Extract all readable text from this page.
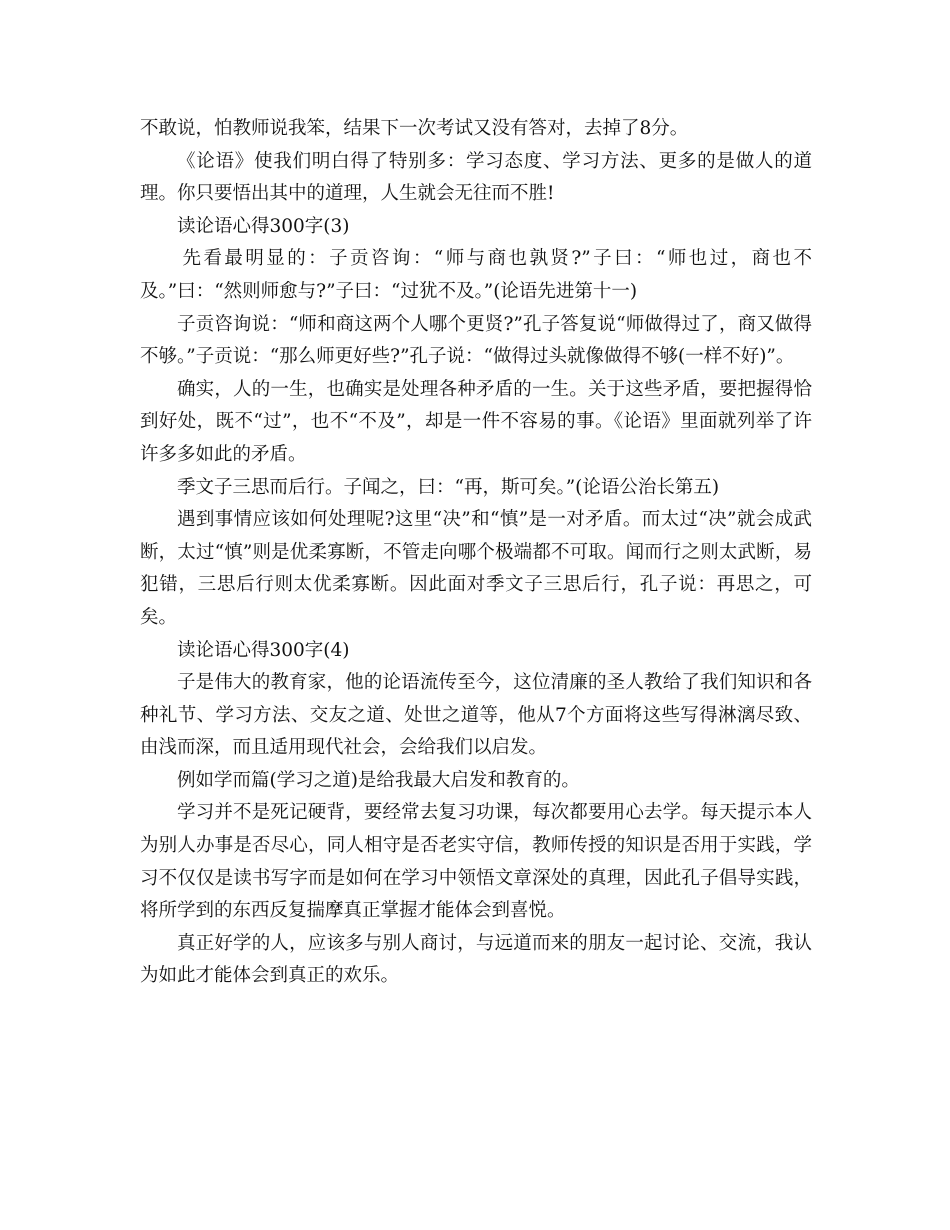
不敢说，怕教师说我笨，结果下一次考试又没有答对，去掉了8分。

《论语》使我们明白得了特别多：学习态度、学习方法、更多的是做人的道理。你只要悟出其中的道理，人生就会无往而不胜!

读论语心得300字(3)

先看最明显的：子贡咨询：“师与商也孰贤?”子曰：“师也过，商也不及。”曰：“然则师愈与?”子曰：“过犹不及。”(论语先进第十一)

子贡咨询说：“师和商这两个人哪个更贤?”孔子答复说“师做得过了，商又做得不够。”子贡说：“那么师更好些?”孔子说：“做得过头就像做得不够(一样不好)”。

确实，人的一生，也确实是处理各种矛盾的一生。关于这些矛盾，要把握得恰到好处，既不“过”，也不“不及”，却是一件不容易的事。《论语》里面就列举了许许多多如此的矛盾。

季文子三思而后行。子闻之，曰：“再，斯可矣。”(论语公治长第五)

遇到事情应该如何处理呢?这里“决”和“慎”是一对矛盾。而太过“决”就会成武断，太过“慎”则是优柔寡断，不管走向哪个极端都不可取。闻而行之则太武断，易犯错，三思后行则太优柔寡断。因此面对季文子三思后行，孔子说：再思之，可矣。

读论语心得300字(4)

子是伟大的教育家，他的论语流传至今，这位清廉的圣人教给了我们知识和各种礼节、学习方法、交友之道、处世之道等，他从7个方面将这些写得淋漓尽致、由浅而深，而且适用现代社会，会给我们以启发。

例如学而篇(学习之道)是给我最大启发和教育的。

学习并不是死记硬背，要经常去复习功课，每次都要用心去学。每天提示本人为别人办事是否尽心，同人相守是否老实守信，教师传授的知识是否用于实践，学习不仅仅是读书写字而是如何在学习中领悟文章深处的真理，因此孔子倡导实践，将所学到的东西反复揣摩真正掌握才能体会到喜悦。

真正好学的人，应该多与别人商讨，与远道而来的朋友一起讨论、交流，我认为如此才能体会到真正的欢乐。
